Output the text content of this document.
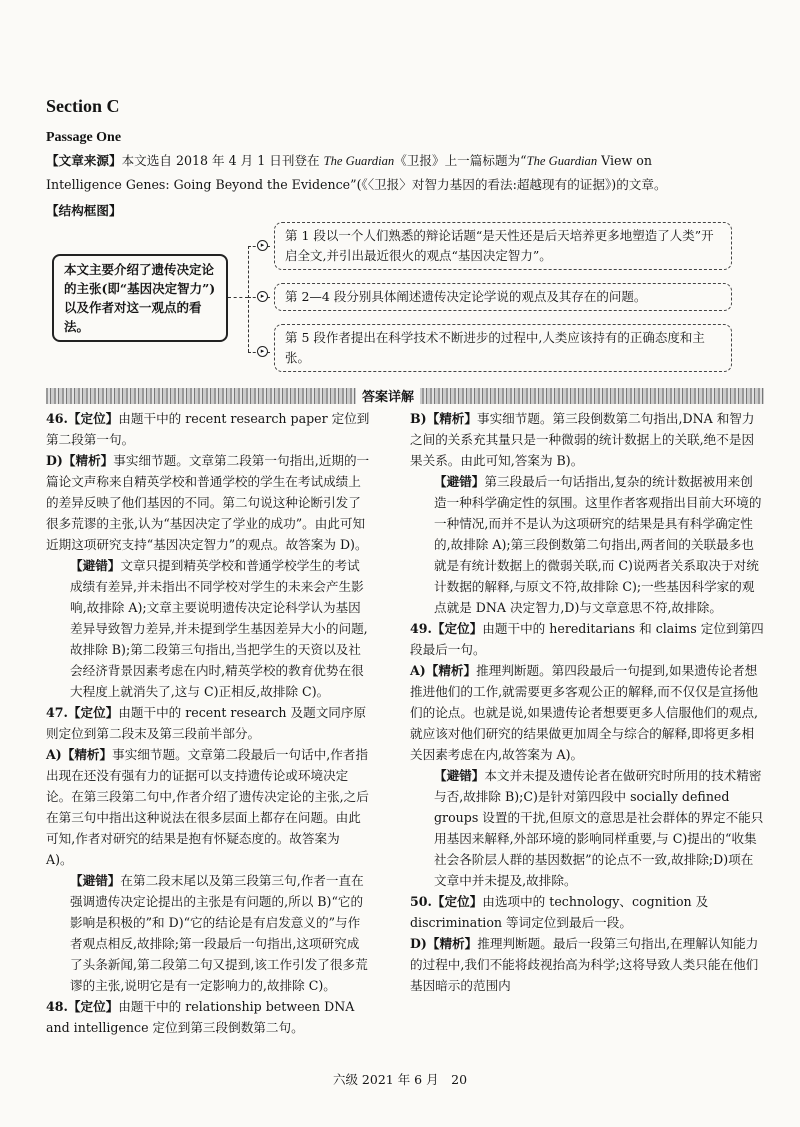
Section C
Passage One
【文章来源】本文选自 2018 年 4 月 1 日刊登在 The Guardian《卫报》上一篇标题为“The Guardian View on
Intelligence Genes: Going Beyond the Evidence”(《〈卫报〉对智力基因的看法:超越现有的证据》)的文章。
【结构框图】
本文主要介绍了遗传决定论的主张(即“基因决定智力”)以及作者对这一观点的看法。
▸
▸
▸
第 1 段以一个人们熟悉的辩论话题“是天性还是后天培养更多地塑造了人类”开启全文,并引出最近很火的观点“基因决定智力”。
第 2—4 段分别具体阐述遗传决定论学说的观点及其存在的问题。
第 5 段作者提出在科学技术不断进步的过程中,人类应该持有的正确态度和主张。
答案详解

46.【定位】由题干中的 recent research paper 定位到第二段第一句。

D)【精析】事实细节题。文章第二段第一句指出,近期的一篇论文声称来自精英学校和普通学校的学生在考试成绩上的差异反映了他们基因的不同。第二句说这种论断引发了很多荒谬的主张,认为“基因决定了学业的成功”。由此可知近期这项研究支持“基因决定智力”的观点。故答案为 D)。

【避错】文章只提到精英学校和普通学校学生的考试成绩有差异,并未指出不同学校对学生的未来会产生影响,故排除 A);文章主要说明遗传决定论科学认为基因差异导致智力差异,并未提到学生基因差异大小的问题,故排除 B);第二段第三句指出,当把学生的天资以及社会经济背景因素考虑在内时,精英学校的教育优势在很大程度上就消失了,这与 C)正相反,故排除 C)。

47.【定位】由题干中的 recent research 及题文同序原则定位到第二段末及第三段前半部分。

A)【精析】事实细节题。文章第二段最后一句话中,作者指出现在还没有强有力的证据可以支持遗传论或环境决定论。在第三段第二句中,作者介绍了遗传决定论的主张,之后在第三句中指出这种说法在很多层面上都存在问题。由此可知,作者对研究的结果是抱有怀疑态度的。故答案为 A)。

【避错】在第二段末尾以及第三段第三句,作者一直在强调遗传决定论提出的主张是有问题的,所以 B)“它的影响是积极的”和 D)“它的结论是有启发意义的”与作者观点相反,故排除;第一段最后一句指出,这项研究成了头条新闻,第二段第二句又提到,该工作引发了很多荒谬的主张,说明它是有一定影响力的,故排除 C)。

48.【定位】由题干中的 relationship between DNA and intelligence 定位到第三段倒数第二句。

B)【精析】事实细节题。第三段倒数第二句指出,DNA 和智力之间的关系充其量只是一种微弱的统计数据上的关联,绝不是因果关系。由此可知,答案为 B)。

【避错】第三段最后一句话指出,复杂的统计数据被用来创造一种科学确定性的氛围。这里作者客观指出目前大环境的一种情况,而并不是认为这项研究的结果是具有科学确定性的,故排除 A);第三段倒数第二句指出,两者间的关联最多也就是有统计数据上的微弱关联,而 C)说两者关系取决于对统计数据的解释,与原文不符,故排除 C);一些基因科学家的观点就是 DNA 决定智力,D)与文章意思不符,故排除。

49.【定位】由题干中的 hereditarians 和 claims 定位到第四段最后一句。

A)【精析】推理判断题。第四段最后一句提到,如果遗传论者想推进他们的工作,就需要更多客观公正的解释,而不仅仅是宣扬他们的论点。也就是说,如果遗传论者想要更多人信服他们的观点,就应该对他们研究的结果做更加周全与综合的解释,即将更多相关因素考虑在内,故答案为 A)。

【避错】本文并未提及遗传论者在做研究时所用的技术精密与否,故排除 B);C)是针对第四段中 socially defined groups 设置的干扰,但原文的意思是社会群体的界定不能只用基因来解释,外部环境的影响同样重要,与 C)提出的“收集社会各阶层人群的基因数据”的论点不一致,故排除;D)项在文章中并未提及,故排除。

50.【定位】由选项中的 technology、cognition 及 discrimination 等词定位到最后一段。

D)【精析】推理判断题。最后一段第三句指出,在理解认知能力的过程中,我们不能将歧视抬高为科学;这将导致人类只能在他们基因暗示的范围内

六级 2021 年 6 月　20
